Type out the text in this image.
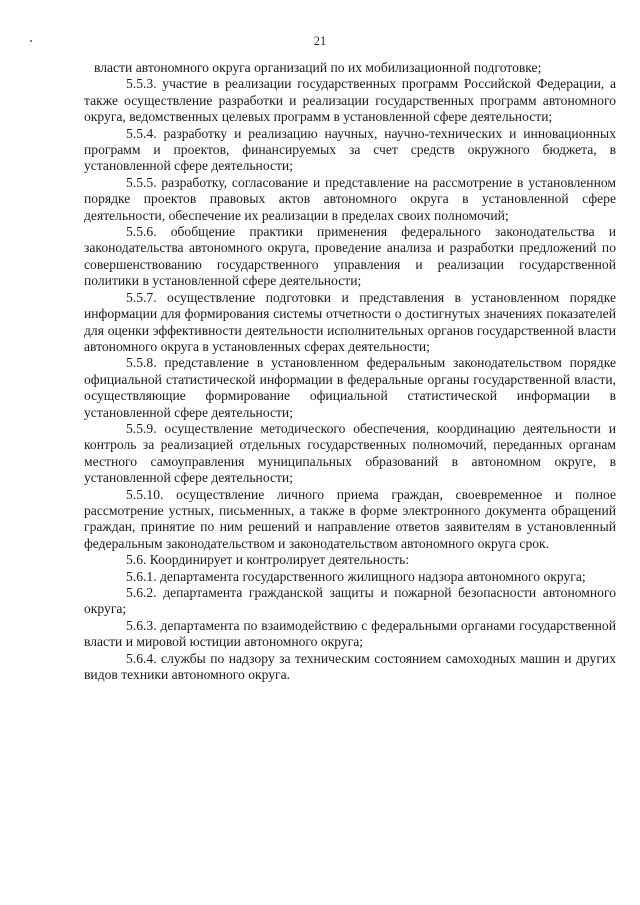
21

власти автономного округа организаций по их мобилизационной подготовке;

5.5.3. участие в реализации государственных программ Российской Федерации, а также осуществление разработки и реализации государственных программ автономного округа, ведомственных целевых программ в установленной сфере деятельности;

5.5.4. разработку и реализацию научных, научно-технических и инновационных программ и проектов, финансируемых за счет средств окружного бюджета, в установленной сфере деятельности;

5.5.5. разработку, согласование и представление на рассмотрение в установленном порядке проектов правовых актов автономного округа в установленной сфере деятельности, обеспечение их реализации в пределах своих полномочий;

5.5.6. обобщение практики применения федерального законодательства и законодательства автономного округа, проведение анализа и разработки предложений по совершенствованию государственного управления и реализации государственной политики в установленной сфере деятельности;

5.5.7. осуществление подготовки и представления в установленном порядке информации для формирования системы отчетности о достигнутых значениях показателей для оценки эффективности деятельности исполнительных органов государственной власти автономного округа в установленных сферах деятельности;

5.5.8. представление в установленном федеральным законодательством порядке официальной статистической информации в федеральные органы государственной власти, осуществляющие формирование официальной статистической информации в установленной сфере деятельности;

5.5.9. осуществление методического обеспечения, координацию деятельности и контроль за реализацией отдельных государственных полномочий, переданных органам местного самоуправления муниципальных образований в автономном округе, в установленной сфере деятельности;

5.5.10. осуществление личного приема граждан, своевременное и полное рассмотрение устных, письменных, а также в форме электронного документа обращений граждан, принятие по ним решений и направление ответов заявителям в установленный федеральным законодательством и законодательством автономного округа срок.

5.6. Координирует и контролирует деятельность:

5.6.1. департамента государственного жилищного надзора автономного округа;

5.6.2. департамента гражданской защиты и пожарной безопасности автономного округа;

5.6.3. департамента по взаимодействию с федеральными органами государственной власти и мировой юстиции автономного округа;

5.6.4. службы по надзору за техническим состоянием самоходных машин и других видов техники автономного округа.
